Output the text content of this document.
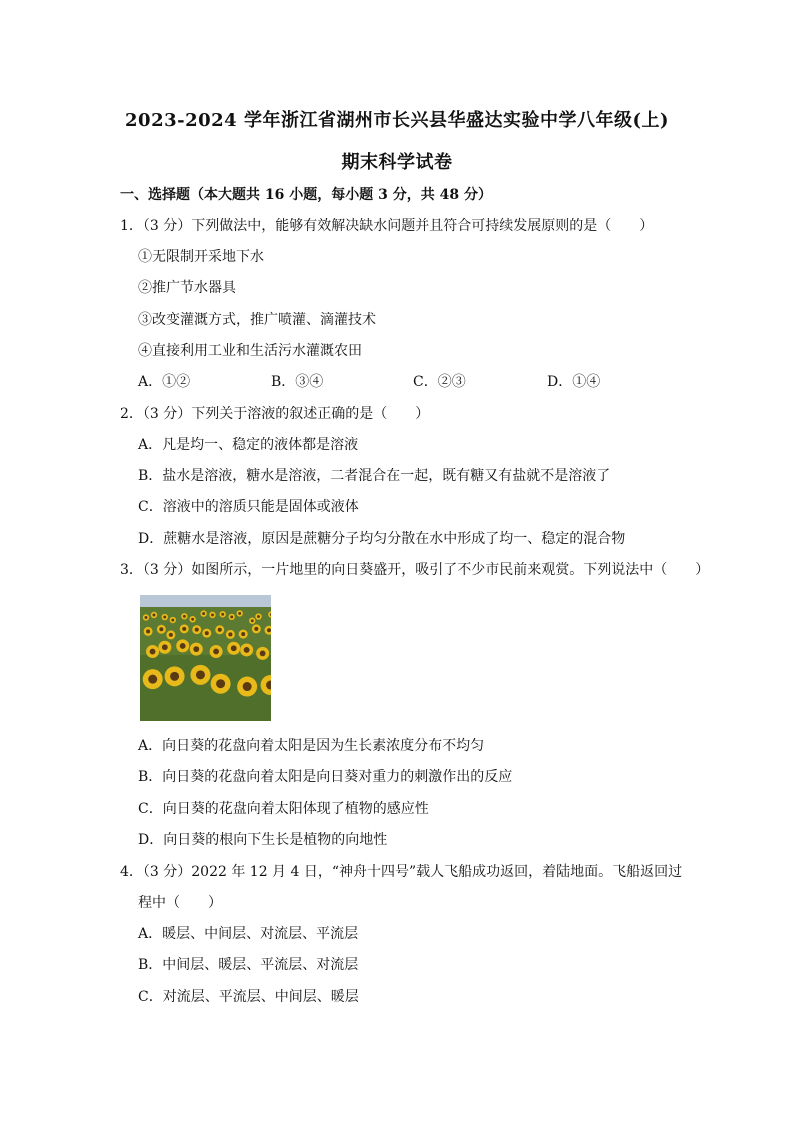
2023-2024 学年浙江省湖州市长兴县华盛达实验中学八年级(上)
期末科学试卷
一、选择题（本大题共 16 小题，每小题 3 分，共 48 分）
1．（3 分）下列做法中，能够有效解决缺水问题并且符合可持续发展原则的是（　　）
①无限制开采地下水
②推广节水器具
③改变灌溉方式，推广喷灌、滴灌技术
④直接利用工业和生活污水灌溉农田
A．①②	B．③④	C．②③	D．①④
2．（3 分）下列关于溶液的叙述正确的是（　　）
A．凡是均一、稳定的液体都是溶液
B．盐水是溶液，糖水是溶液，二者混合在一起，既有糖又有盐就不是溶液了
C．溶液中的溶质只能是固体或液体
D．蔗糖水是溶液，原因是蔗糖分子均匀分散在水中形成了均一、稳定的混合物
3．（3 分）如图所示，一片地里的向日葵盛开，吸引了不少市民前来观赏。下列说法中（　　）
A．向日葵的花盘向着太阳是因为生长素浓度分布不均匀
B．向日葵的花盘向着太阳是向日葵对重力的刺激作出的反应
C．向日葵的花盘向着太阳体现了植物的感应性
D．向日葵的根向下生长是植物的向地性
4．（3 分）2022 年 12 月 4 日，“神舟十四号”载人飞船成功返回，着陆地面。飞船返回过
程中（　　）
A．暖层、中间层、对流层、平流层
B．中间层、暖层、平流层、对流层
C．对流层、平流层、中间层、暖层
